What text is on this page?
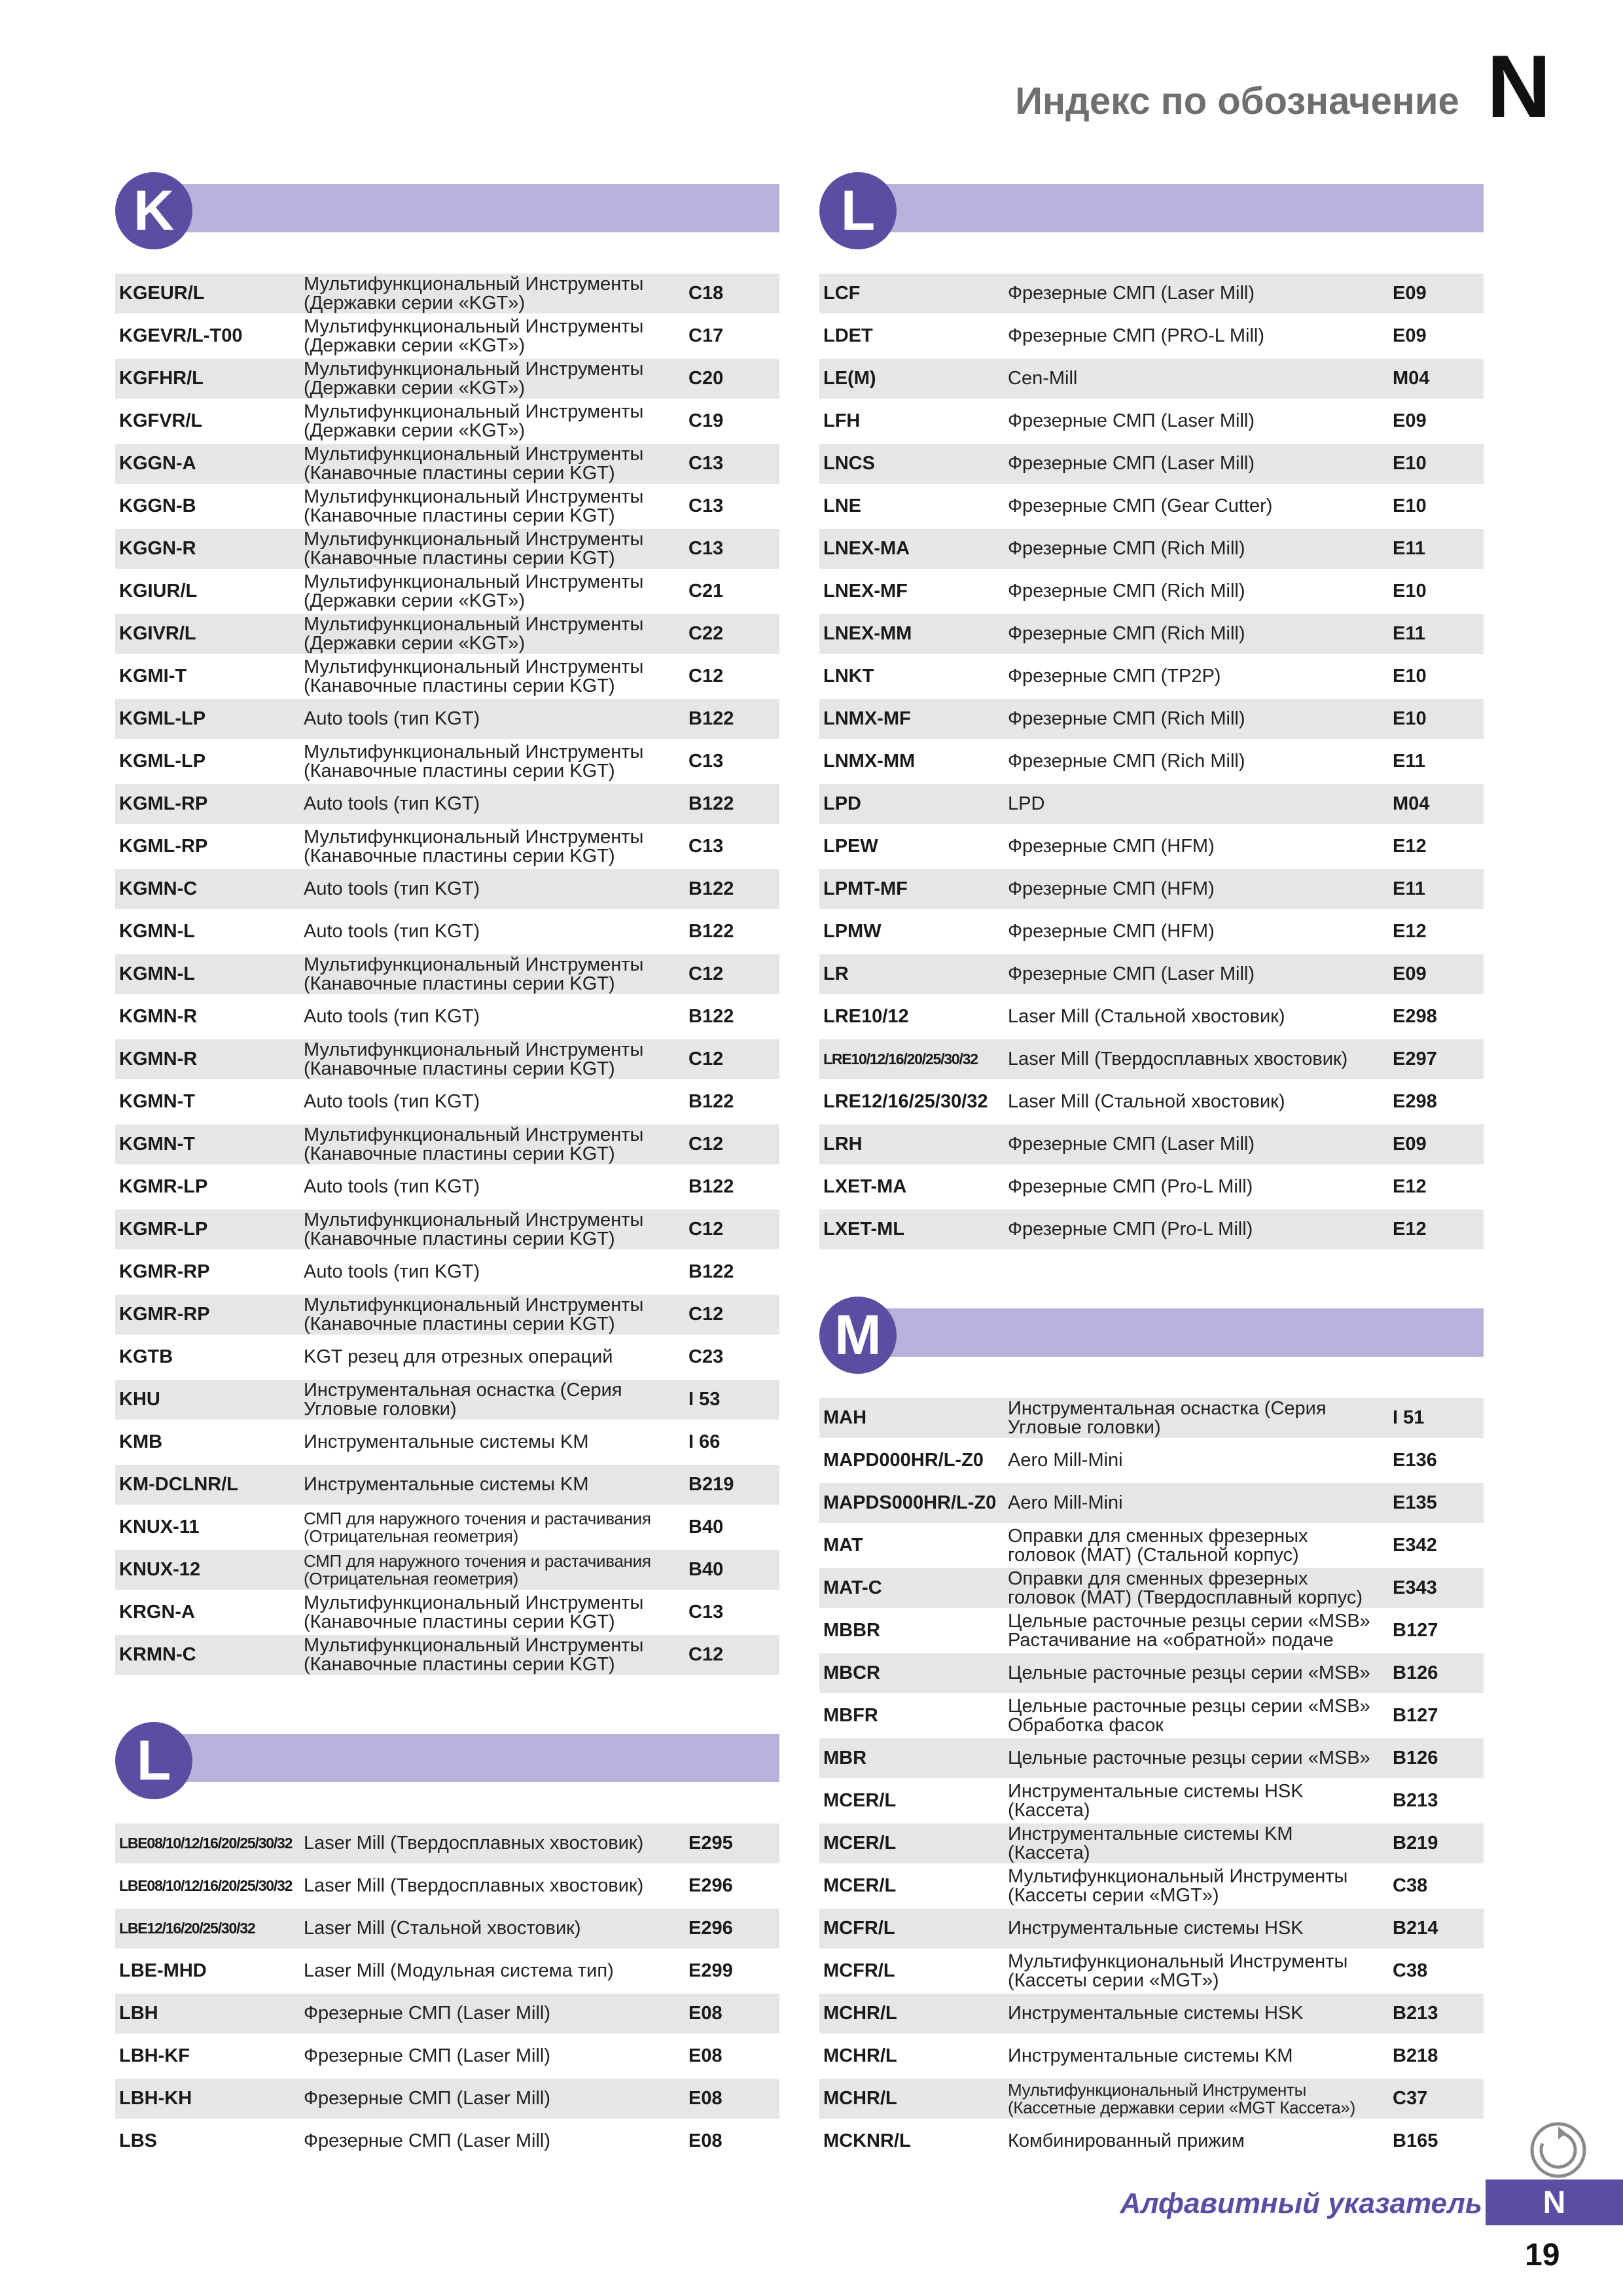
Индекс по обозначение N
K
KGEUR/L	Мультифункциональный Инструменты
(Державки серии «KGT»)	C18
KGEVR/L-T00	Мультифункциональный Инструменты
(Державки серии «KGT»)	C17
KGFHR/L	Мультифункциональный Инструменты
(Державки серии «KGT»)	C20
KGFVR/L	Мультифункциональный Инструменты
(Державки серии «KGT»)	C19
KGGN-A	Мультифункциональный Инструменты
(Канавочные пластины серии KGT)	C13
KGGN-B	Мультифункциональный Инструменты
(Канавочные пластины серии KGT)	C13
KGGN-R	Мультифункциональный Инструменты
(Канавочные пластины серии KGT)	C13
KGIUR/L	Мультифункциональный Инструменты
(Державки серии «KGT»)	C21
KGIVR/L	Мультифункциональный Инструменты
(Державки серии «KGT»)	C22
KGMI-T	Мультифункциональный Инструменты
(Канавочные пластины серии KGT)	C12
KGML-LP	Auto tools (тип KGT)	B122
KGML-LP	Мультифункциональный Инструменты
(Канавочные пластины серии KGT)	C13
KGML-RP	Auto tools (тип KGT)	B122
KGML-RP	Мультифункциональный Инструменты
(Канавочные пластины серии KGT)	C13
KGMN-C	Auto tools (тип KGT)	B122
KGMN-L	Auto tools (тип KGT)	B122
KGMN-L	Мультифункциональный Инструменты
(Канавочные пластины серии KGT)	C12
KGMN-R	Auto tools (тип KGT)	B122
KGMN-R	Мультифункциональный Инструменты
(Канавочные пластины серии KGT)	C12
KGMN-T	Auto tools (тип KGT)	B122
KGMN-T	Мультифункциональный Инструменты
(Канавочные пластины серии KGT)	C12
KGMR-LP	Auto tools (тип KGT)	B122
KGMR-LP	Мультифункциональный Инструменты
(Канавочные пластины серии KGT)	C12
KGMR-RP	Auto tools (тип KGT)	B122
KGMR-RP	Мультифункциональный Инструменты
(Канавочные пластины серии KGT)	C12
KGTB	KGT резец для отрезных операций	C23
KHU	Инструментальная оснастка (Серия
Угловые головки)	I 53
KMB	Инструментальные системы KM	I 66
KM-DCLNR/L	Инструментальные системы KM	B219
KNUX-11	СМП для наружного точения и растачивания
(Отрицательная геометрия)	B40
KNUX-12	СМП для наружного точения и растачивания
(Отрицательная геометрия)	B40
KRGN-A	Мультифункциональный Инструменты
(Канавочные пластины серии KGT)	C13
KRMN-C	Мультифункциональный Инструменты
(Канавочные пластины серии KGT)	C12
L
LBE08/10/12/16/20/25/30/32 Laser Mill (Твердосплавных хвостовик)	E295
LBE08/10/12/16/20/25/30/32 Laser Mill (Твердосплавных хвостовик)	E296
LBE12/16/20/25/30/32	Laser Mill (Стальной хвостовик)	E296
LBE-MHD	Laser Mill (Модульная система тип)	E299
LBH	Фрезерные СМП (Laser Mill)	E08
LBH-KF	Фрезерные СМП (Laser Mill)	E08
LBH-KH	Фрезерные СМП (Laser Mill)	E08
LBS	Фрезерные СМП (Laser Mill)	E08
L
LCF	Фрезерные СМП (Laser Mill)	E09
LDET	Фрезерные СМП (PRO-L Mill)	E09
LE(M)	Cen-Mill	M04
LFH	Фрезерные СМП (Laser Mill)	E09
LNCS	Фрезерные СМП (Laser Mill)	E10
LNE	Фрезерные СМП (Gear Cutter)	E10
LNEX-MA	Фрезерные СМП (Rich Mill)	E11
LNEX-MF	Фрезерные СМП (Rich Mill)	E10
LNEX-MM	Фрезерные СМП (Rich Mill)	E11
LNKT	Фрезерные СМП (TP2P)	E10
LNMX-MF	Фрезерные СМП (Rich Mill)	E10
LNMX-MM	Фрезерные СМП (Rich Mill)	E11
LPD	LPD	M04
LPEW	Фрезерные СМП (HFM)	E12
LPMT-MF	Фрезерные СМП (HFM)	E11
LPMW	Фрезерные СМП (HFM)	E12
LR	Фрезерные СМП (Laser Mill)	E09
LRE10/12	Laser Mill (Стальной хвостовик)	E298
LRE10/12/16/20/25/30/32	Laser Mill (Твердосплавных хвостовик)	E297
LRE12/16/25/30/32	Laser Mill (Стальной хвостовик)	E298
LRH	Фрезерные СМП (Laser Mill)	E09
LXET-MA	Фрезерные СМП (Pro-L Mill)	E12
LXET-ML	Фрезерные СМП (Pro-L Mill)	E12
M
MAH	Инструментальная оснастка (Серия
Угловые головки)	I 51
MAPD000HR/L-Z0	Aero Mill-Mini	E136
MAPDS000HR/L-Z0 Aero Mill-Mini	E135
MAT	Оправки для сменных фрезерных
головок (MAT) (Стальной корпус)	E342
MAT-C	Оправки для сменных фрезерных
головок (MAT) (Твердосплавный корпус)	E343
MBBR	Цельные расточные резцы серии «MSB»
Растачивание на «обратной» подаче	B127
MBCR	Цельные расточные резцы серии «MSB»	B126
MBFR	Цельные расточные резцы серии «MSB»
Обработка фасок	B127
MBR	Цельные расточные резцы серии «MSB»	B126
MCER/L	Инструментальные системы HSK
(Кассета)	B213
MCER/L	Инструментальные системы KM
(Кассета)	B219
MCER/L	Мультифункциональный Инструменты
(Кассеты серии «MGT»)	C38
MCFR/L	Инструментальные системы HSK	B214
MCFR/L	Мультифункциональный Инструменты
(Кассеты серии «MGT»)	C38
MCHR/L	Инструментальные системы HSK	B213
MCHR/L	Инструментальные системы KM	B218
MCHR/L	Мультифункциональный Инструменты
(Кассетные державки серии «MGT Кассета»)	C37
MCKNR/L	Комбинированный прижим	B165
Алфавитный указатель	N
19
